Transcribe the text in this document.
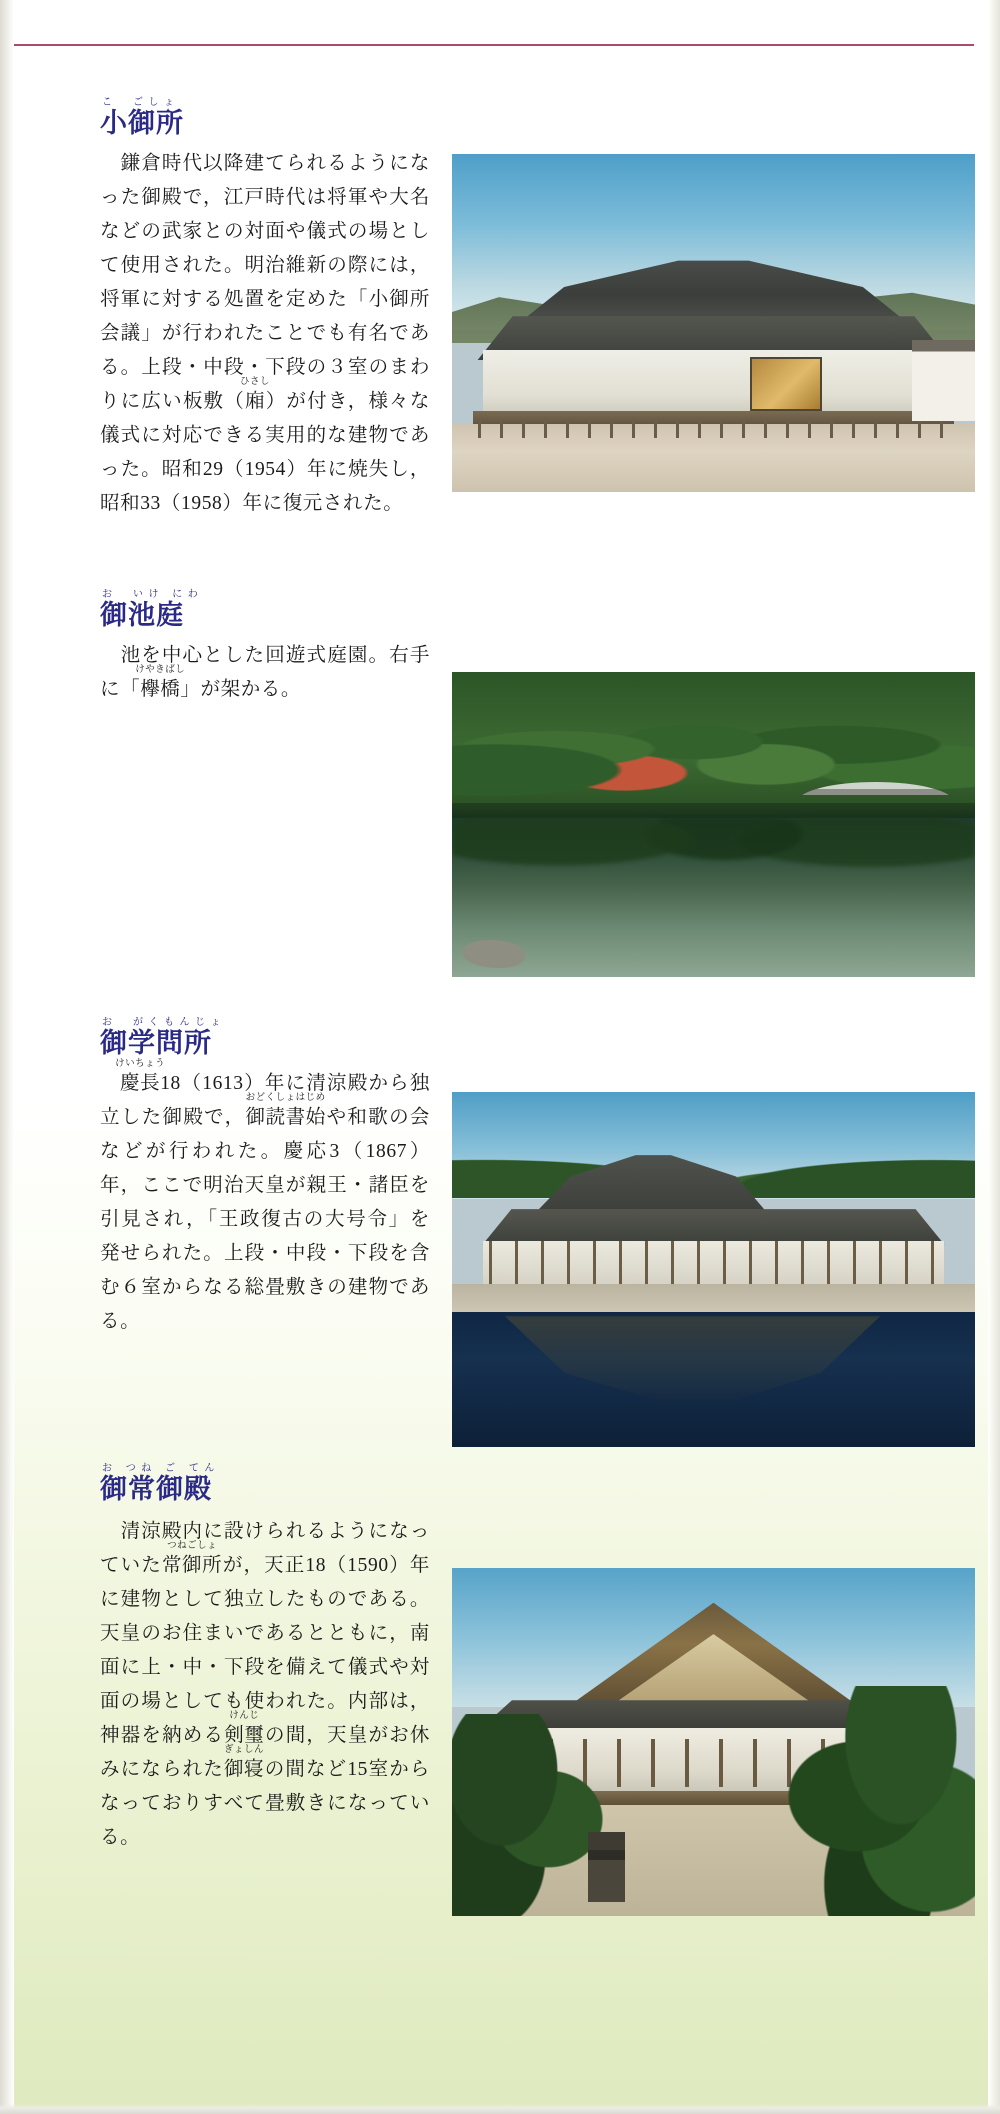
こ　ごしょ
小御所
鎌倉時代以降建てられるようになった御殿で，江戸時代は将軍や大名などの武家との対面や儀式の場として使用された。明治維新の際には，将軍に対する処置を定めた「小御所会議」が行われたことでも有名である。上段・中段・下段の３室のまわりに広い板敷（
ひさし
廂）が付き，様々な儀式に対応できる実用的な建物であった。昭和29（1954）年に焼失し，昭和33（1958）年に復元された。
お　いけ にわ
御池庭
池を中心とした回遊式庭園。右手に「
けやきばし
欅橋」が架かる。
お　がくもんじょ
御学問所
けいちょう
慶長18（1613）年に清涼殿から独立した御殿で，
おどくしょはじめ
御読書始や和歌の会などが行われた。慶応3（1867）年，ここで明治天皇が親王・諸臣を引見され，「王政復古の大号令」を発せられた。上段・中段・下段を含む６室からなる総畳敷きの建物である。
お つね ご てん
御常御殿
清涼殿内に設けられるようになっていた
つねごしょ
常御所が，天正18（1590）年に建物として独立したものである。天皇のお住まいであるとともに，南面に上・中・下段を備えて儀式や対面の場としても使われた。内部は，神器を納める
けんじ
剣璽の間，天皇がお休みになられた
ぎょしん
御寝の間など15室からなっておりすべて畳敷きになっている。
